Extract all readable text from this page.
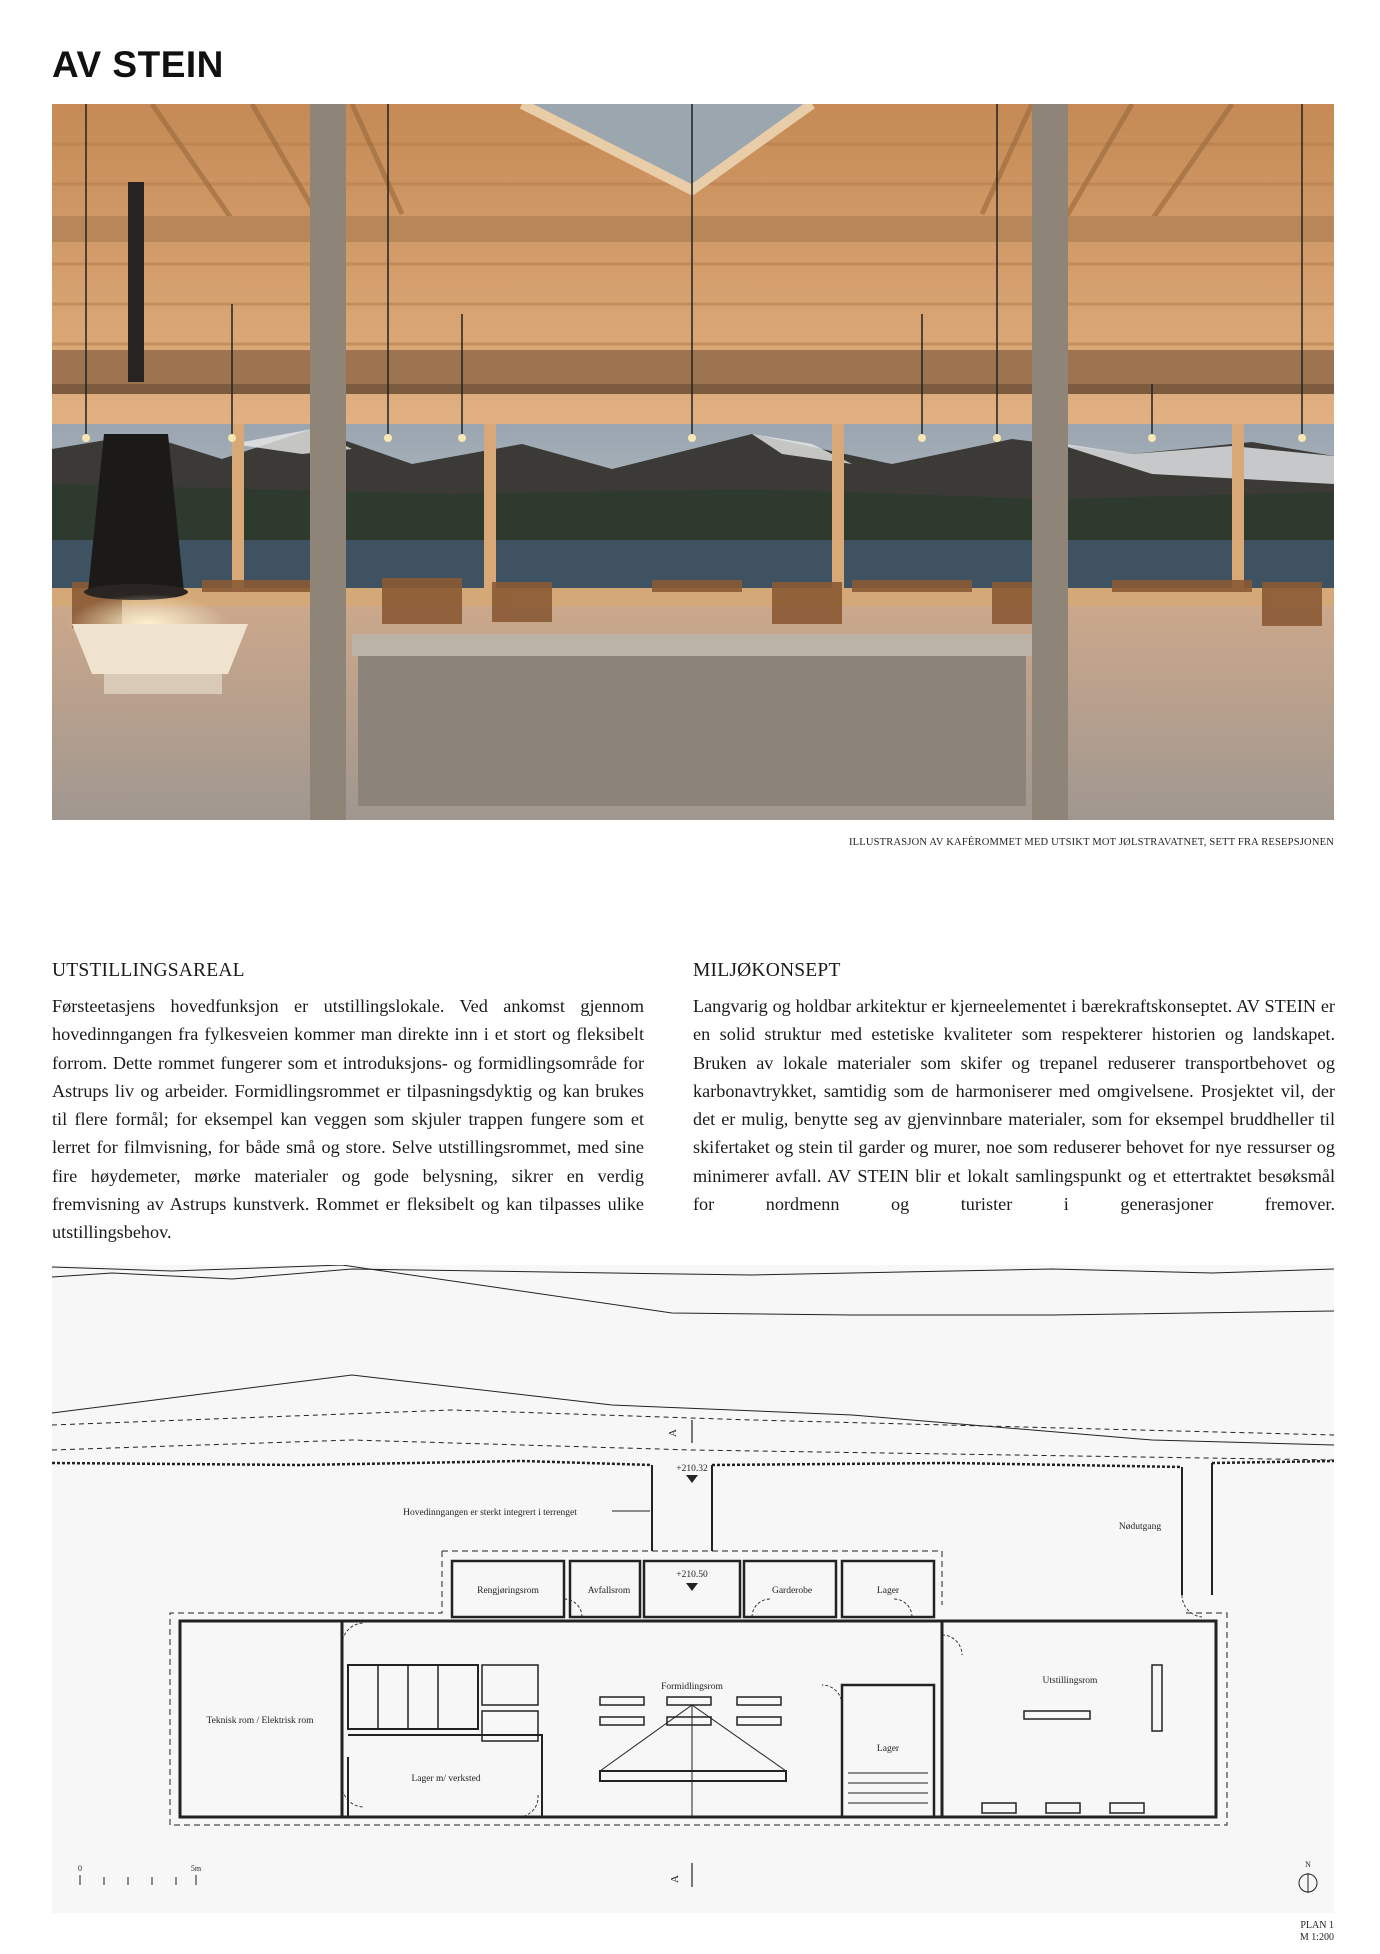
AV STEIN
ILLUSTRASJON AV KAFÉROMMET MED UTSIKT MOT JØLSTRAVATNET, SETT FRA RESEPSJONEN
UTSTILLINGSAREAL

Førsteetasjens hovedfunksjon er utstillingslokale. Ved ankomst gjennom hovedinngangen fra fylkesveien kommer man direkte inn i et stort og fleksibelt forrom. Dette rommet fungerer som et introduksjons- og formidlingsområde for Astrups liv og arbeider. Formidlingsrommet er tilpasningsdyktig og kan brukes til flere formål; for eksempel kan veggen som skjuler trappen fungere som et lerret for filmvisning, for både små og store. Selve utstillingsrommet, med sine fire høydemeter, mørke materialer og gode belysning, sikrer en verdig fremvisning av Astrups kunstverk. Rommet er fleksibelt og kan tilpasses ulike utstillingsbehov.

MILJØKONSEPT

Langvarig og holdbar arkitektur er kjerneelementet i bærekraftskonseptet. AV STEIN er en solid struktur med estetiske kvaliteter som respekterer historien og landskapet. Bruken av lokale materialer som skifer og trepanel reduserer transportbehovet og karbonavtrykket, samtidig som de harmoniserer med omgivelsene. Prosjektet vil, der det er mulig, benytte seg av gjenvinnbare materialer, som for eksempel bruddheller til skifertaket og stein til garder og murer, noe som reduserer behovet for nye ressurser og minimerer avfall. AV STEIN blir et lokalt samlingspunkt og et ettertraktet besøksmål for nordmenn og turister i generasjoner fremover.

A
+210.32
+210.50
Hovedinngangen er sterkt integrert i terrenget
Rengjøringsrom	Avfallsrom	Garderobe	Lager
Nødutgang
Teknisk rom / Elektrisk rom
Formidlingsrom
Lager m/ verksted
Lager
Utstillingsrom
0	5m
A
N
PLAN 1
M 1:200
